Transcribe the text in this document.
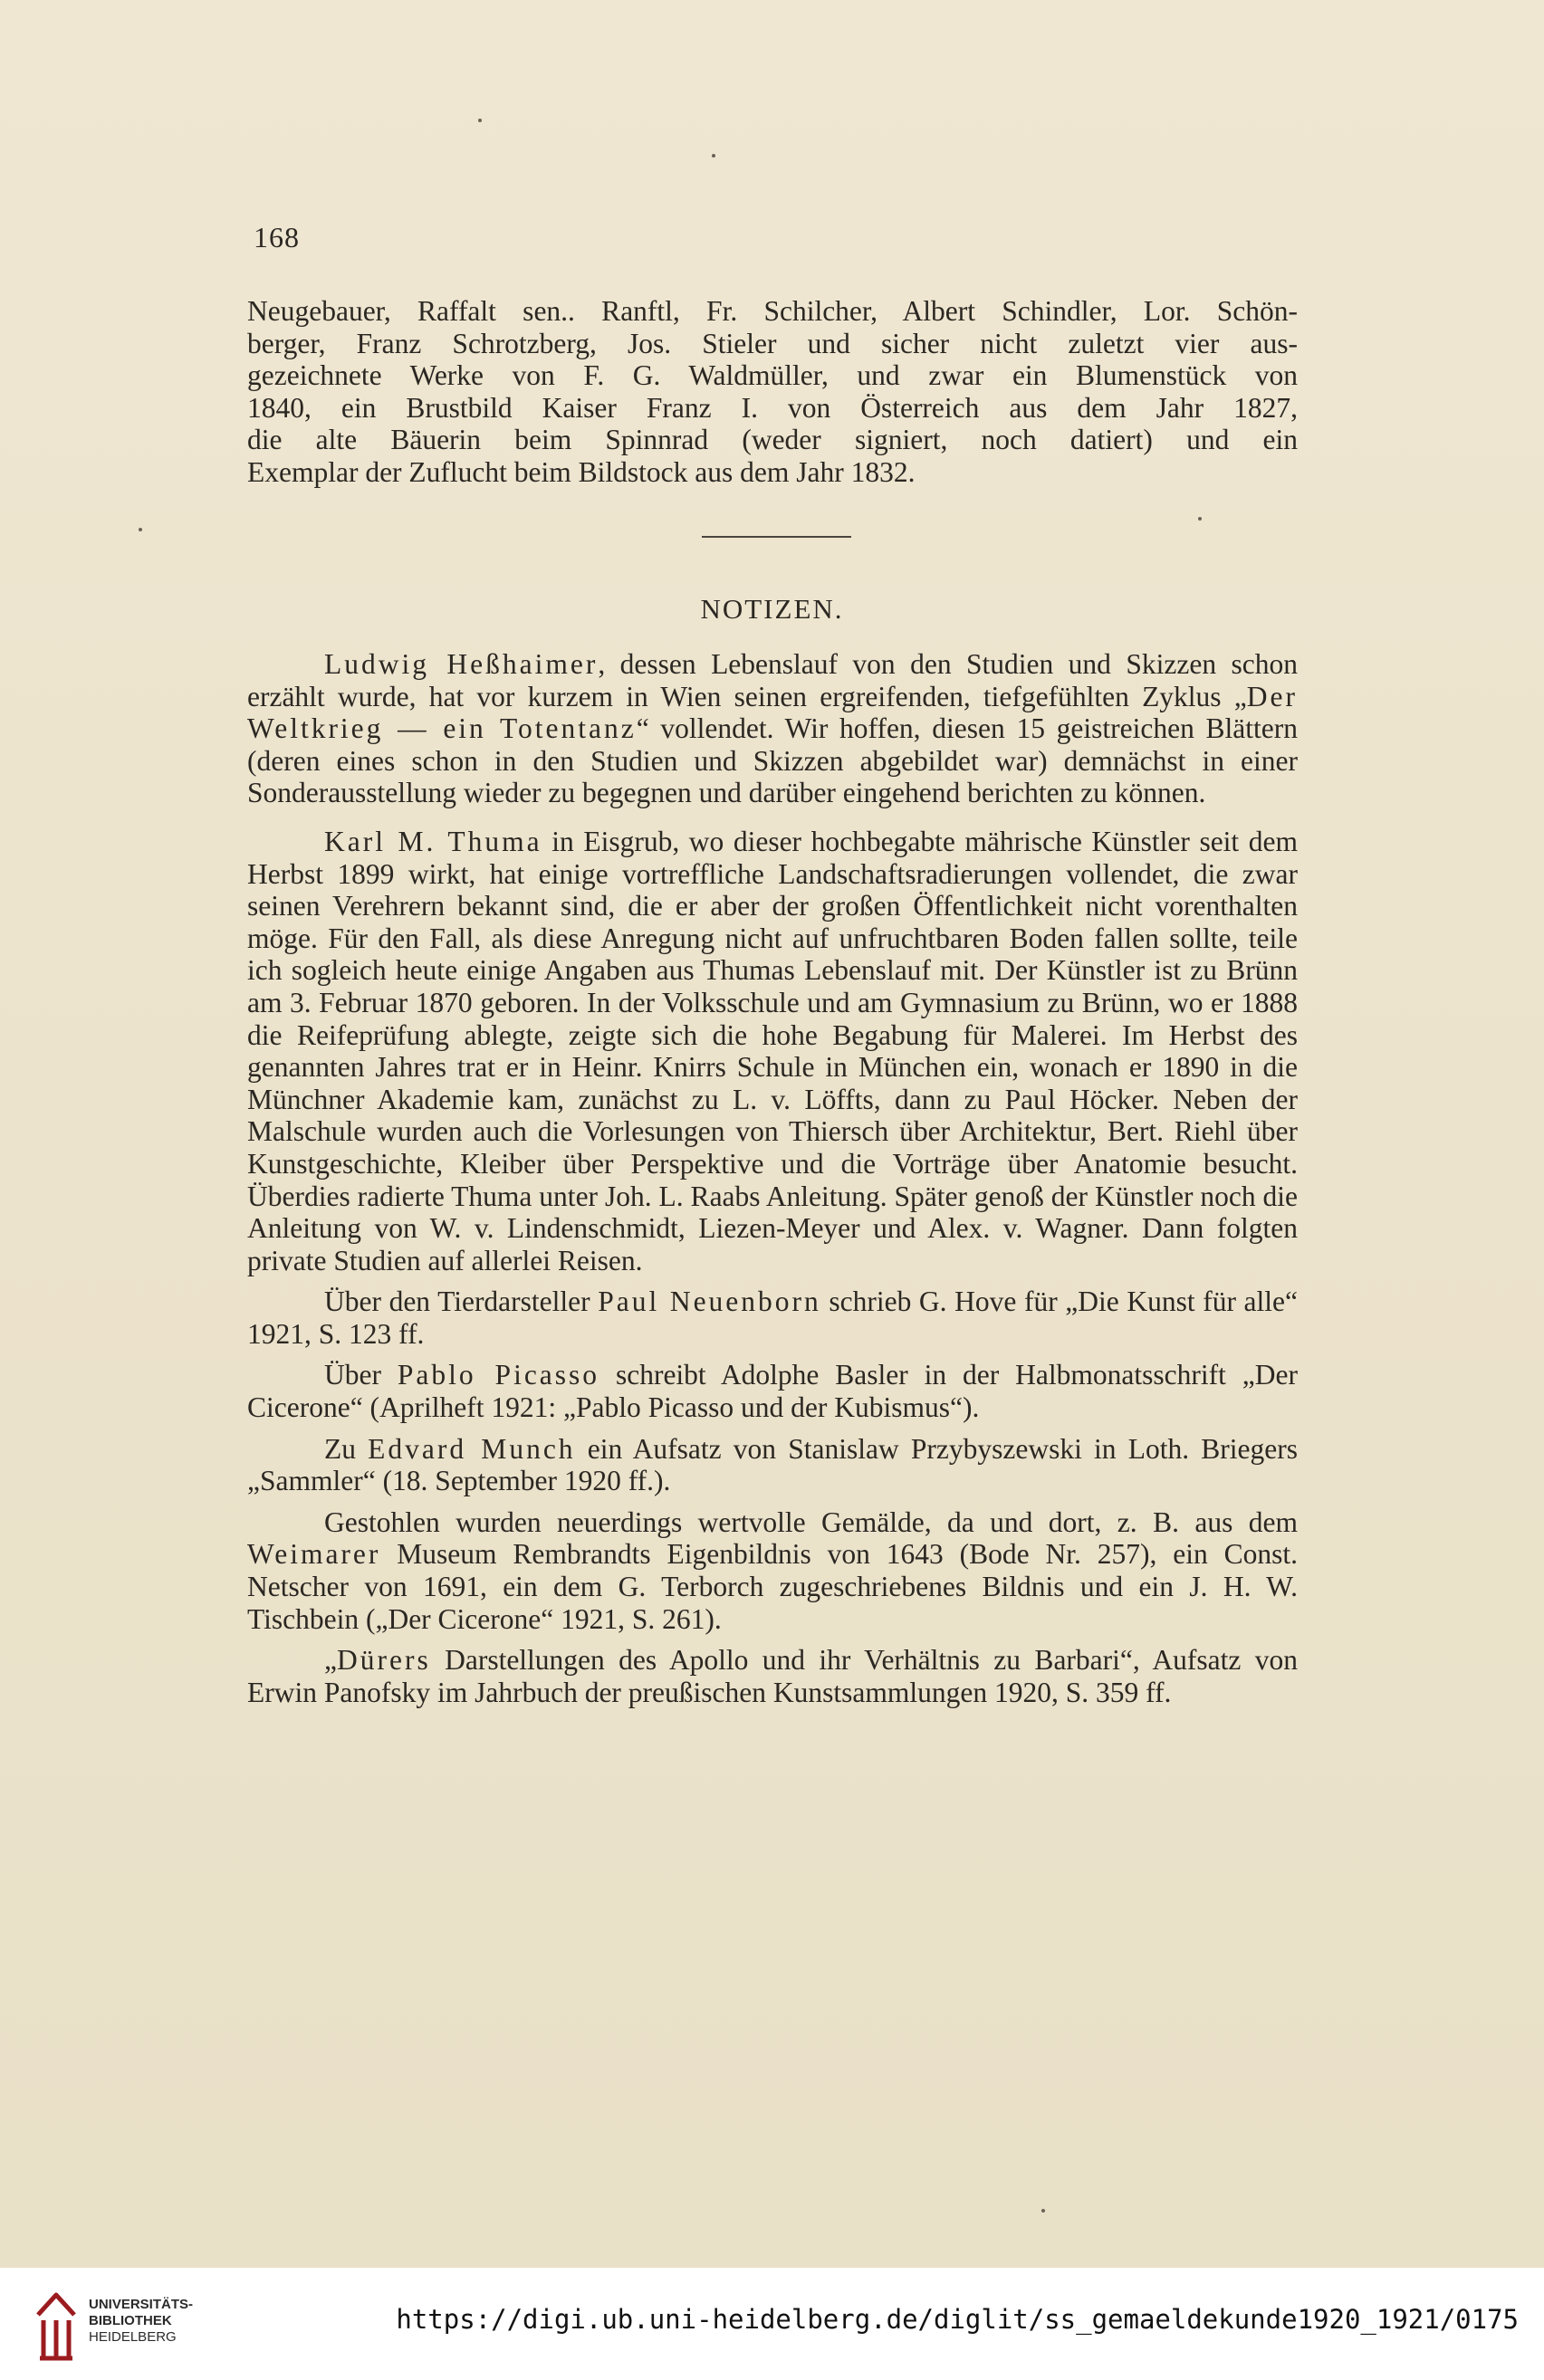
168
Neugebauer, Raffalt sen.. Ranftl, Fr. Schilcher, Albert Schindler, Lor. Schön-
berger, Franz Schrotzberg, Jos. Stieler und sicher nicht zuletzt vier aus-
gezeichnete Werke von F. G. Waldmüller, und zwar ein Blumenstück von
1840, ein Brustbild Kaiser Franz I. von Österreich aus dem Jahr 1827,
die alte Bäuerin beim Spinnrad (weder signiert, noch datiert) und ein
Exemplar der Zuflucht beim Bildstock aus dem Jahr 1832.
NOTIZEN.

Ludwig Heßhaimer, dessen Lebenslauf von den Studien und Skizzen schon erzählt wurde, hat vor kurzem in Wien seinen ergreifenden, tiefgefühlten Zyklus „Der Weltkrieg — ein Totentanz“ vollendet. Wir hoffen, diesen 15 geistreichen Blättern (deren eines schon in den Studien und Skizzen abgebildet war) demnächst in einer Sonderausstellung wieder zu begegnen und darüber eingehend berichten zu können.

Karl M. Thuma in Eisgrub, wo dieser hochbegabte mährische Künstler seit dem Herbst 1899 wirkt, hat einige vortreffliche Landschaftsradierungen vollendet, die zwar seinen Verehrern bekannt sind, die er aber der großen Öffentlichkeit nicht vorenthalten möge. Für den Fall, als diese Anregung nicht auf unfruchtbaren Boden fallen sollte, teile ich sogleich heute einige Angaben aus Thumas Lebenslauf mit. Der Künstler ist zu Brünn am 3. Februar 1870 geboren. In der Volksschule und am Gymnasium zu Brünn, wo er 1888 die Reifeprüfung ablegte, zeigte sich die hohe Begabung für Malerei. Im Herbst des genannten Jahres trat er in Heinr. Knirrs Schule in München ein, wonach er 1890 in die Münchner Akademie kam, zunächst zu L. v. Löffts, dann zu Paul Höcker. Neben der Malschule wurden auch die Vorlesungen von Thiersch über Architektur, Bert. Riehl über Kunstgeschichte, Kleiber über Perspektive und die Vorträge über Anatomie besucht. Überdies radierte Thuma unter Joh. L. Raabs Anleitung. Später genoß der Künstler noch die Anleitung von W. v. Lindenschmidt, Liezen-Meyer und Alex. v. Wagner. Dann folgten private Studien auf allerlei Reisen.

Über den Tierdarsteller Paul Neuenborn schrieb G. Hove für „Die Kunst für alle“ 1921, S. 123 ff.

Über Pablo Picasso schreibt Adolphe Basler in der Halbmonatsschrift „Der Cicerone“ (Aprilheft 1921: „Pablo Picasso und der Kubismus“).

Zu Edvard Munch ein Aufsatz von Stanislaw Przybyszewski in Loth. Briegers „Sammler“ (18. September 1920 ff.).

Gestohlen wurden neuerdings wertvolle Gemälde, da und dort, z. B. aus dem Weimarer Museum Rembrandts Eigenbildnis von 1643 (Bode Nr. 257), ein Const. Netscher von 1691, ein dem G. Terborch zugeschriebenes Bildnis und ein J. H. W. Tischbein („Der Cicerone“ 1921, S. 261).

„Dürers Darstellungen des Apollo und ihr Verhältnis zu Barbari“, Aufsatz von Erwin Panofsky im Jahrbuch der preußischen Kunstsammlungen 1920, S. 359 ff.

UNIVERSITÄTS-
BIBLIOTHEK
HEIDELBERG
https://digi.ub.uni-heidelberg.de/diglit/ss_gemaeldekunde1920_1921/0175
